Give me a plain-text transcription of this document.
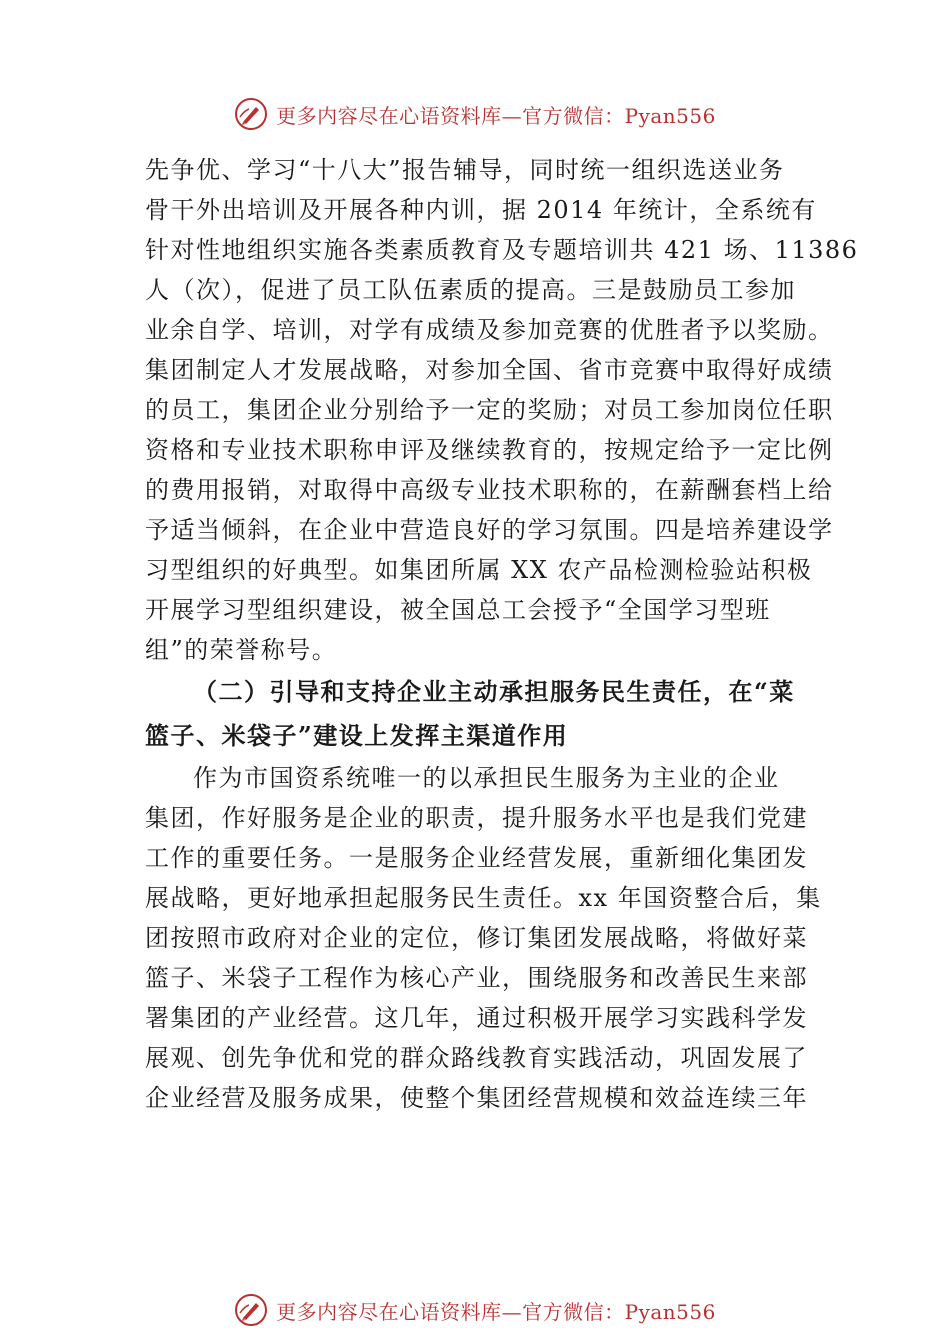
更多内容尽在心语资料库—官方微信：Pyan556
先争优、学习“十八大”报告辅导，同时统一组织选送业务
骨干外出培训及开展各种内训，据 2014 年统计，全系统有
针对性地组织实施各类素质教育及专题培训共 421 场、11386
人（次），促进了员工队伍素质的提高。三是鼓励员工参加
业余自学、培训，对学有成绩及参加竞赛的优胜者予以奖励。
集团制定人才发展战略，对参加全国、省市竞赛中取得好成绩
的员工，集团企业分别给予一定的奖励；对员工参加岗位任职
资格和专业技术职称申评及继续教育的，按规定给予一定比例
的费用报销，对取得中高级专业技术职称的，在薪酬套档上给
予适当倾斜，在企业中营造良好的学习氛围。四是培养建设学
习型组织的好典型。如集团所属 XX 农产品检测检验站积极
开展学习型组织建设，被全国总工会授予“全国学习型班
组”的荣誉称号。
（二）引导和支持企业主动承担服务民生责任，在“菜
篮子、米袋子”建设上发挥主渠道作用
作为市国资系统唯一的以承担民生服务为主业的企业
集团，作好服务是企业的职责，提升服务水平也是我们党建
工作的重要任务。一是服务企业经营发展，重新细化集团发
展战略，更好地承担起服务民生责任。xx 年国资整合后，集
团按照市政府对企业的定位，修订集团发展战略，将做好菜
篮子、米袋子工程作为核心产业，围绕服务和改善民生来部
署集团的产业经营。这几年，通过积极开展学习实践科学发
展观、创先争优和党的群众路线教育实践活动，巩固发展了
企业经营及服务成果，使整个集团经营规模和效益连续三年
更多内容尽在心语资料库—官方微信：Pyan556
